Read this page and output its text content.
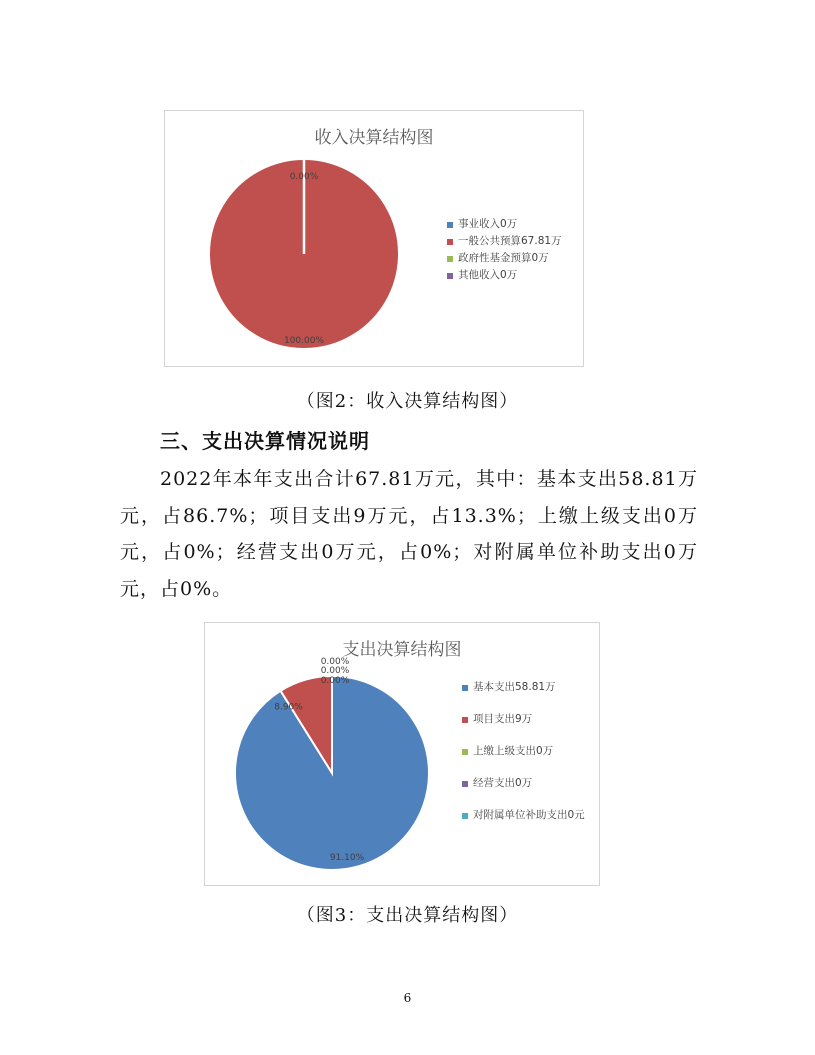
收入决算结构图
0.00%
100.00%
事业收入0万
一般公共预算67.81万
政府性基金预算0万
其他收入0万
（图2：收入决算结构图）
三、支出决算情况说明
2022年本年支出合计67.81万元，其中：基本支出58.81万元，占86.7%；项目支出9万元，占13.3%；上缴上级支出0万元，占0%；经营支出0万元，占0%；对附属单位补助支出0万元，占0%。
支出决算结构图
0.00%
0.00%
0.00%
8.90%
91.10%
基本支出58.81万
项目支出9万
上缴上级支出0万
经营支出0万
对附属单位补助支出0元
（图3：支出决算结构图）
6
